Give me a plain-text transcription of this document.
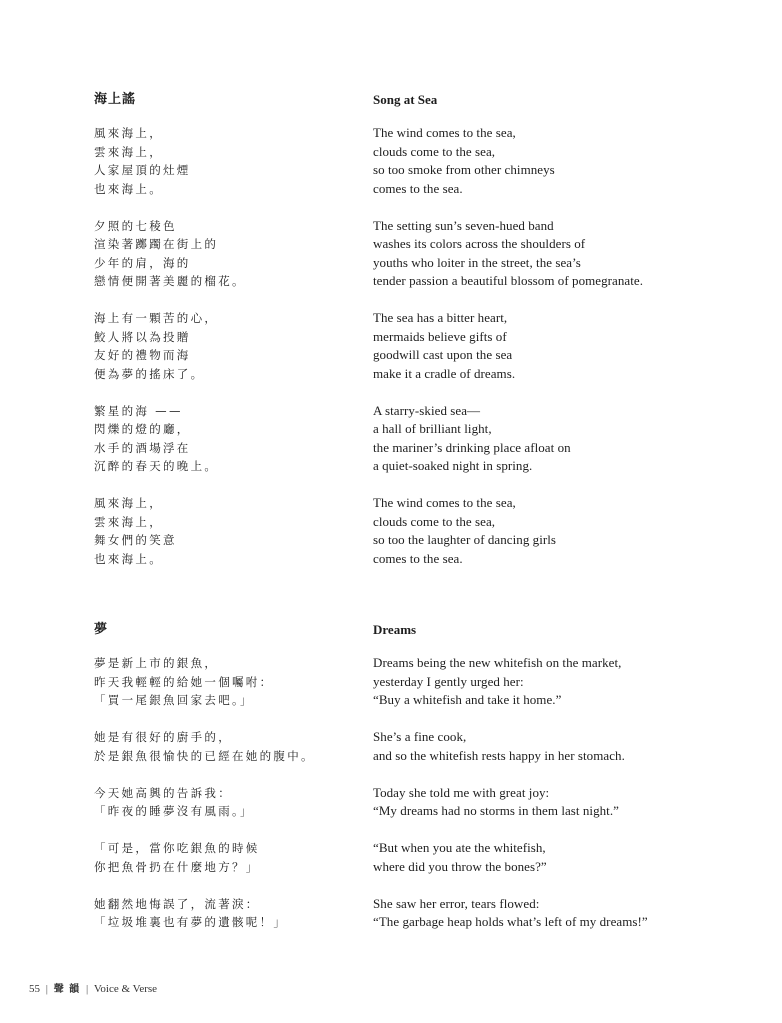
海上謠
風來海上，
雲來海上，
人家屋頂的灶煙
也來海上。
夕照的七稜色
渲染著躑躅在街上的
少年的肩，海的
戀情便開著美麗的榴花。
海上有一顆苦的心，
鮫人將以為投贈
友好的禮物而海
便為夢的搖床了。
繁星的海 ——
閃爍的燈的廳，
水手的酒場浮在
沉醉的春天的晚上。
風來海上，
雲來海上，
舞女們的笑意
也來海上。
Song at Sea
The wind comes to the sea,
clouds come to the sea,
so too smoke from other chimneys
comes to the sea.
The setting sun’s seven-hued band
washes its colors across the shoulders of
youths who loiter in the street, the sea’s
tender passion a beautiful blossom of pomegranate.
The sea has a bitter heart,
mermaids believe gifts of
goodwill cast upon the sea
make it a cradle of dreams.
A starry-skied sea—
a hall of brilliant light,
the mariner’s drinking place afloat on
a quiet-soaked night in spring.
The wind comes to the sea,
clouds come to the sea,
so too the laughter of dancing girls
comes to the sea.
夢
夢是新上市的銀魚，
昨天我輕輕的給她一個囑咐：
「買一尾銀魚回家去吧。」
她是有很好的廚手的，
於是銀魚很愉快的已經在她的腹中。
今天她高興的告訴我：
「昨夜的睡夢沒有風雨。」
「可是，當你吃銀魚的時候
你把魚骨扔在什麼地方？」
她翻然地悔誤了，流著淚：
「垃圾堆裏也有夢的遺骸呢！」
Dreams
Dreams being the new whitefish on the market,
yesterday I gently urged her:
“Buy a whitefish and take it home.”
She’s a fine cook,
and so the whitefish rests happy in her stomach.
Today she told me with great joy:
“My dreams had no storms in them last night.”
“But when you ate the whitefish,
where did you throw the bones?”
She saw her error, tears flowed:
“The garbage heap holds what’s left of my dreams!”
55 | 聲 韻 | Voice & Verse
